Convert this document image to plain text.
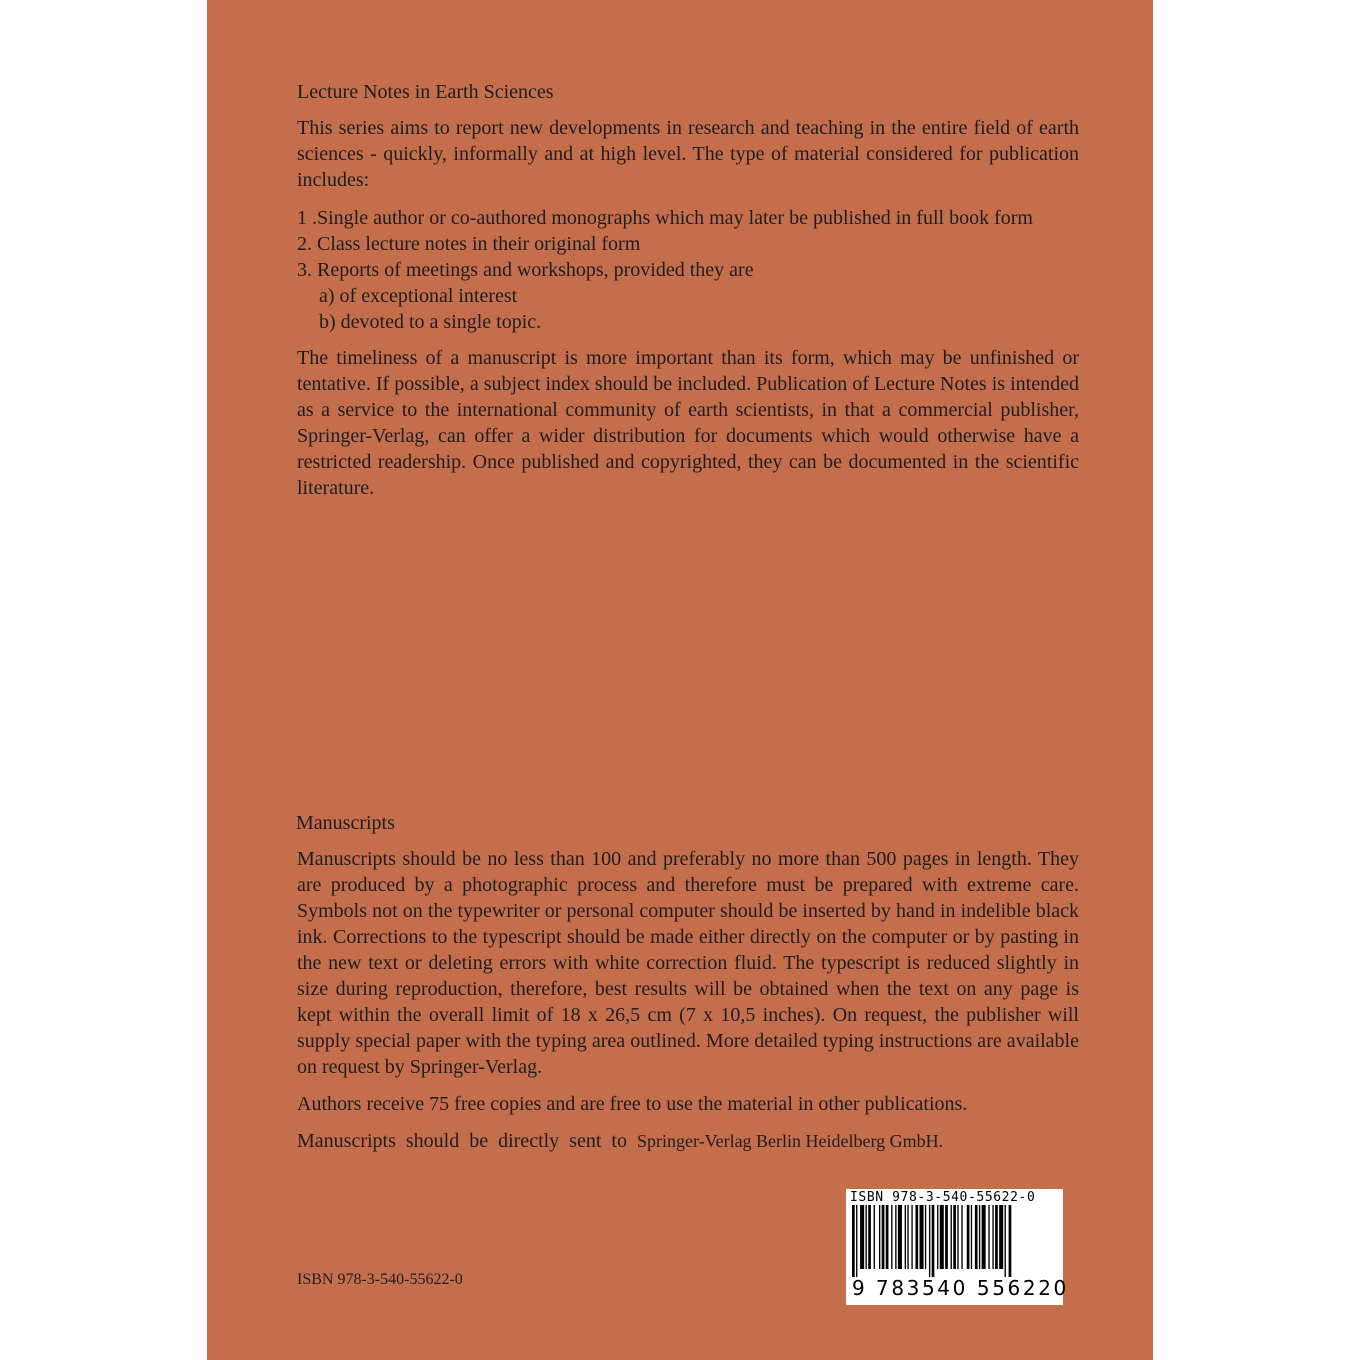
Lecture Notes in Earth Sciences

This series aims to report new developments in research and teaching in the entire field of earth sciences - quickly, informally and at high level. The type of material considered for publication includes:

1 .Single author or co-authored monographs which may later be published in full book form
2. Class lecture notes in their original form
3. Reports of meetings and workshops, provided they are
a) of exceptional interest
b) devoted to a single topic.

The timeliness of a manuscript is more important than its form, which may be unfinished or tentative. If possible, a subject index should be included. Publication of Lecture Notes is intended as a service to the international community of earth scientists, in that a commercial publisher, Springer-Verlag, can offer a wider distribution for documents which would otherwise have a restricted readership. Once published and copyrighted, they can be documented in the scientific literature.

Manuscripts

Manuscripts should be no less than 100 and preferably no more than 500 pages in length. They are produced by a photographic process and therefore must be prepared with extreme care. Symbols not on the typewriter or personal computer should be inserted by hand in indelible black ink. Corrections to the typescript should be made either directly on the computer or by pasting in the new text or deleting errors with white correction fluid. The typescript is reduced slightly in size during reproduction, therefore, best results will be obtained when the text on any page is kept within the overall limit of 18 x 26,5 cm (7 x 10,5 inches). On request, the publisher will supply special paper with the typing area outlined. More detailed typing instructions are available on request by Springer-Verlag.

Authors receive 75 free copies and are free to use the material in other publications.

Manuscripts should be directly sent to Springer-Verlag Berlin Heidelberg GmbH.
ISBN 978-3-540-55622-0
ISBN 978-3-540-55622-0
9 783540 556220
